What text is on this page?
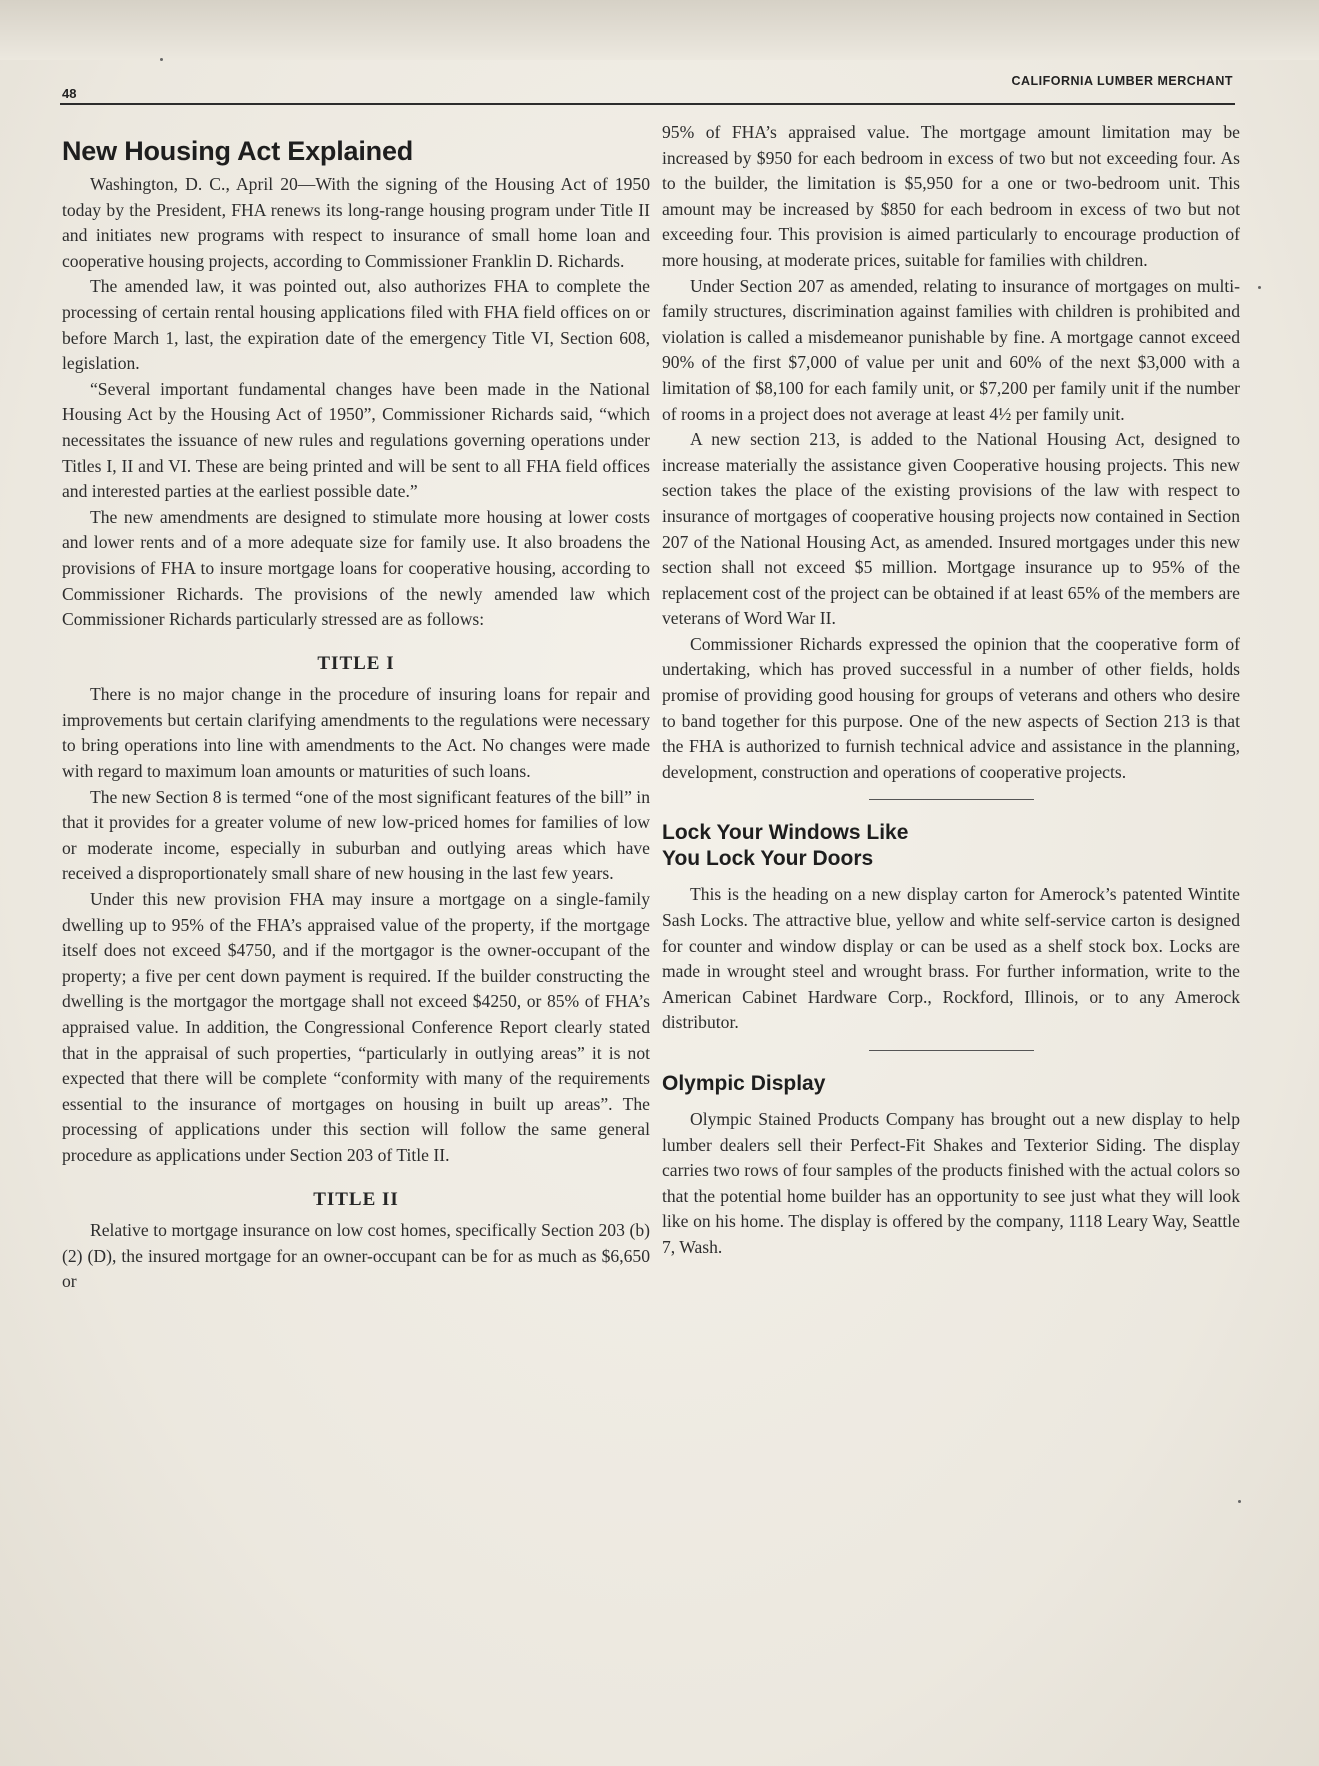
48
CALIFORNIA LUMBER MERCHANT
New Housing Act Explained

Washington, D. C., April 20—With the signing of the Housing Act of 1950 today by the President, FHA renews its long-range housing program under Title II and initiates new programs with respect to insurance of small home loan and cooperative housing projects, according to Commissioner Franklin D. Richards.

The amended law, it was pointed out, also authorizes FHA to complete the processing of certain rental housing applications filed with FHA field offices on or before March 1, last, the expiration date of the emergency Title VI, Section 608, legislation.

“Several important fundamental changes have been made in the National Housing Act by the Housing Act of 1950”, Commissioner Richards said, “which necessitates the issuance of new rules and regulations governing operations under Titles I, II and VI. These are being printed and will be sent to all FHA field offices and interested parties at the earliest possible date.”

The new amendments are designed to stimulate more housing at lower costs and lower rents and of a more adequate size for family use. It also broadens the provisions of FHA to insure mortgage loans for cooperative housing, according to Commissioner Richards. The provisions of the newly amended law which Commissioner Richards particularly stressed are as follows:

TITLE I

There is no major change in the procedure of insuring loans for repair and improvements but certain clarifying amendments to the regulations were necessary to bring operations into line with amendments to the Act. No changes were made with regard to maximum loan amounts or maturities of such loans.

The new Section 8 is termed “one of the most significant features of the bill” in that it provides for a greater volume of new low-priced homes for families of low or moderate income, especially in suburban and outlying areas which have received a disproportionately small share of new housing in the last few years.

Under this new provision FHA may insure a mortgage on a single-family dwelling up to 95% of the FHA’s appraised value of the property, if the mortgage itself does not exceed $4750, and if the mortgagor is the owner-occupant of the property; a five per cent down payment is required. If the builder constructing the dwelling is the mortgagor the mortgage shall not exceed $4250, or 85% of FHA’s appraised value. In addition, the Congressional Conference Report clearly stated that in the appraisal of such properties, “particularly in outlying areas” it is not expected that there will be complete “conformity with many of the requirements essential to the insurance of mortgages on housing in built up areas”. The processing of applications under this section will follow the same general procedure as applications under Section 203 of Title II.

TITLE II

Relative to mortgage insurance on low cost homes, specifically Section 203 (b) (2) (D), the insured mortgage for an owner-occupant can be for as much as $6,650 or

95% of FHA’s appraised value. The mortgage amount limitation may be increased by $950 for each bedroom in excess of two but not exceeding four. As to the builder, the limitation is $5,950 for a one or two-bedroom unit. This amount may be increased by $850 for each bedroom in excess of two but not exceeding four. This provision is aimed particularly to encourage production of more housing, at moderate prices, suitable for families with children.

Under Section 207 as amended, relating to insurance of mortgages on multi-family structures, discrimination against families with children is prohibited and violation is called a misdemeanor punishable by fine. A mortgage cannot exceed 90% of the first $7,000 of value per unit and 60% of the next $3,000 with a limitation of $8,100 for each family unit, or $7,200 per family unit if the number of rooms in a project does not average at least 4½ per family unit.

A new section 213, is added to the National Housing Act, designed to increase materially the assistance given Cooperative housing projects. This new section takes the place of the existing provisions of the law with respect to insurance of mortgages of cooperative housing projects now contained in Section 207 of the National Housing Act, as amended. Insured mortgages under this new section shall not exceed $5 million. Mortgage insurance up to 95% of the replacement cost of the project can be obtained if at least 65% of the members are veterans of Word War II.

Commissioner Richards expressed the opinion that the cooperative form of undertaking, which has proved successful in a number of other fields, holds promise of providing good housing for groups of veterans and others who desire to band together for this purpose. One of the new aspects of Section 213 is that the FHA is authorized to furnish technical advice and assistance in the planning, development, construction and operations of cooperative projects.

Lock Your Windows Like
You Lock Your Doors

This is the heading on a new display carton for Amerock’s patented Wintite Sash Locks. The attractive blue, yellow and white self-service carton is designed for counter and window display or can be used as a shelf stock box. Locks are made in wrought steel and wrought brass. For further information, write to the American Cabinet Hardware Corp., Rockford, Illinois, or to any Amerock distributor.

Olympic Display

Olympic Stained Products Company has brought out a new display to help lumber dealers sell their Perfect-Fit Shakes and Texterior Siding. The display carries two rows of four samples of the products finished with the actual colors so that the potential home builder has an opportunity to see just what they will look like on his home. The display is offered by the company, 1118 Leary Way, Seattle 7, Wash.
